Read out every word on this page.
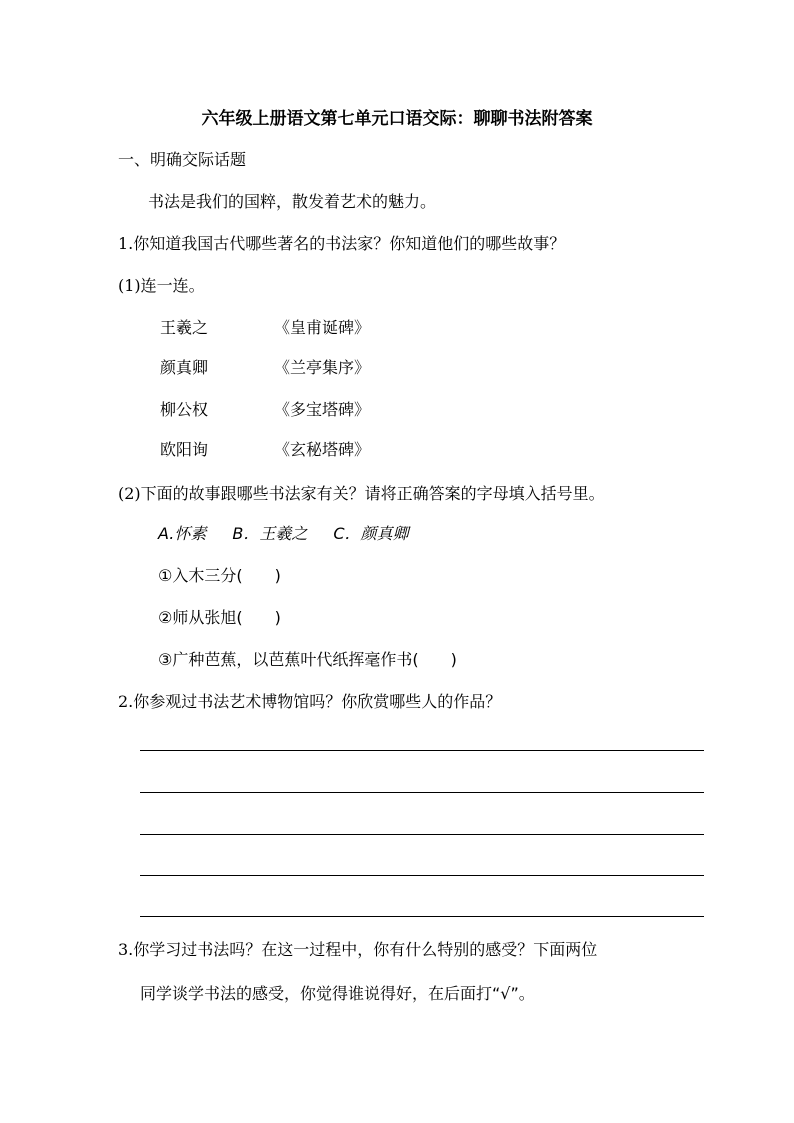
六年级上册语文第七单元口语交际：聊聊书法附答案
一、明确交际话题
书法是我们的国粹，散发着艺术的魅力。
1.你知道我国古代哪些著名的书法家？你知道他们的哪些故事？
(1)连一连。
王羲之	《皇甫诞碑》
颜真卿	《兰亭集序》
柳公权	《多宝塔碑》
欧阳询	《玄秘塔碑》
(2)下面的故事跟哪些书法家有关？请将正确答案的字母填入括号里。
A.怀素 B．王羲之 C．颜真卿
①入木三分(　　)
②师从张旭(　　)
③广种芭蕉，以芭蕉叶代纸挥毫作书(　　)
2.你参观过书法艺术博物馆吗？你欣赏哪些人的作品？
3.你学习过书法吗？在这一过程中，你有什么特别的感受？下面两位
同学谈学书法的感受，你觉得谁说得好，在后面打“√”。
